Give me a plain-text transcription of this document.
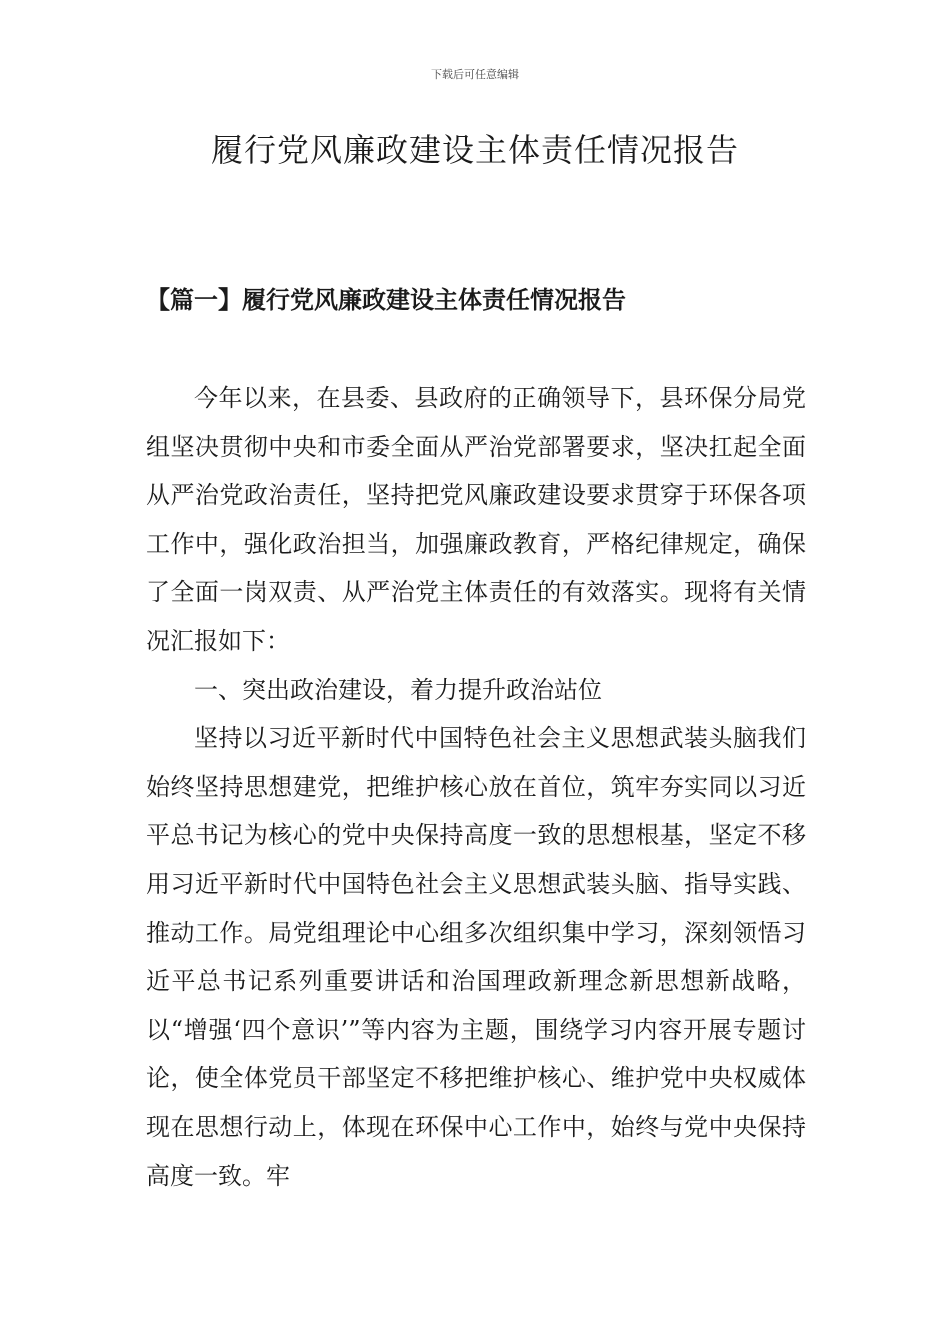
下载后可任意编辑
履行党风廉政建设主体责任情况报告
【篇一】履行党风廉政建设主体责任情况报告

今年以来，在县委、县政府的正确领导下，县环保分局党组坚决贯彻中央和市委全面从严治党部署要求，坚决扛起全面从严治党政治责任，坚持把党风廉政建设要求贯穿于环保各项工作中，强化政治担当，加强廉政教育，严格纪律规定，确保了全面一岗双责、从严治党主体责任的有效落实。现将有关情况汇报如下：

一、突出政治建设，着力提升政治站位

坚持以习近平新时代中国特色社会主义思想武装头脑我们始终坚持思想建党，把维护核心放在首位，筑牢夯实同以习近平总书记为核心的党中央保持高度一致的思想根基，坚定不移用习近平新时代中国特色社会主义思想武装头脑、指导实践、推动工作。局党组理论中心组多次组织集中学习，深刻领悟习近平总书记系列重要讲话和治国理政新理念新思想新战略，以“增强‘四个意识’”等内容为主题，围绕学习内容开展专题讨论，使全体党员干部坚定不移把维护核心、维护党中央权威体现在思想行动上，体现在环保中心工作中，始终与党中央保持高度一致。牢
